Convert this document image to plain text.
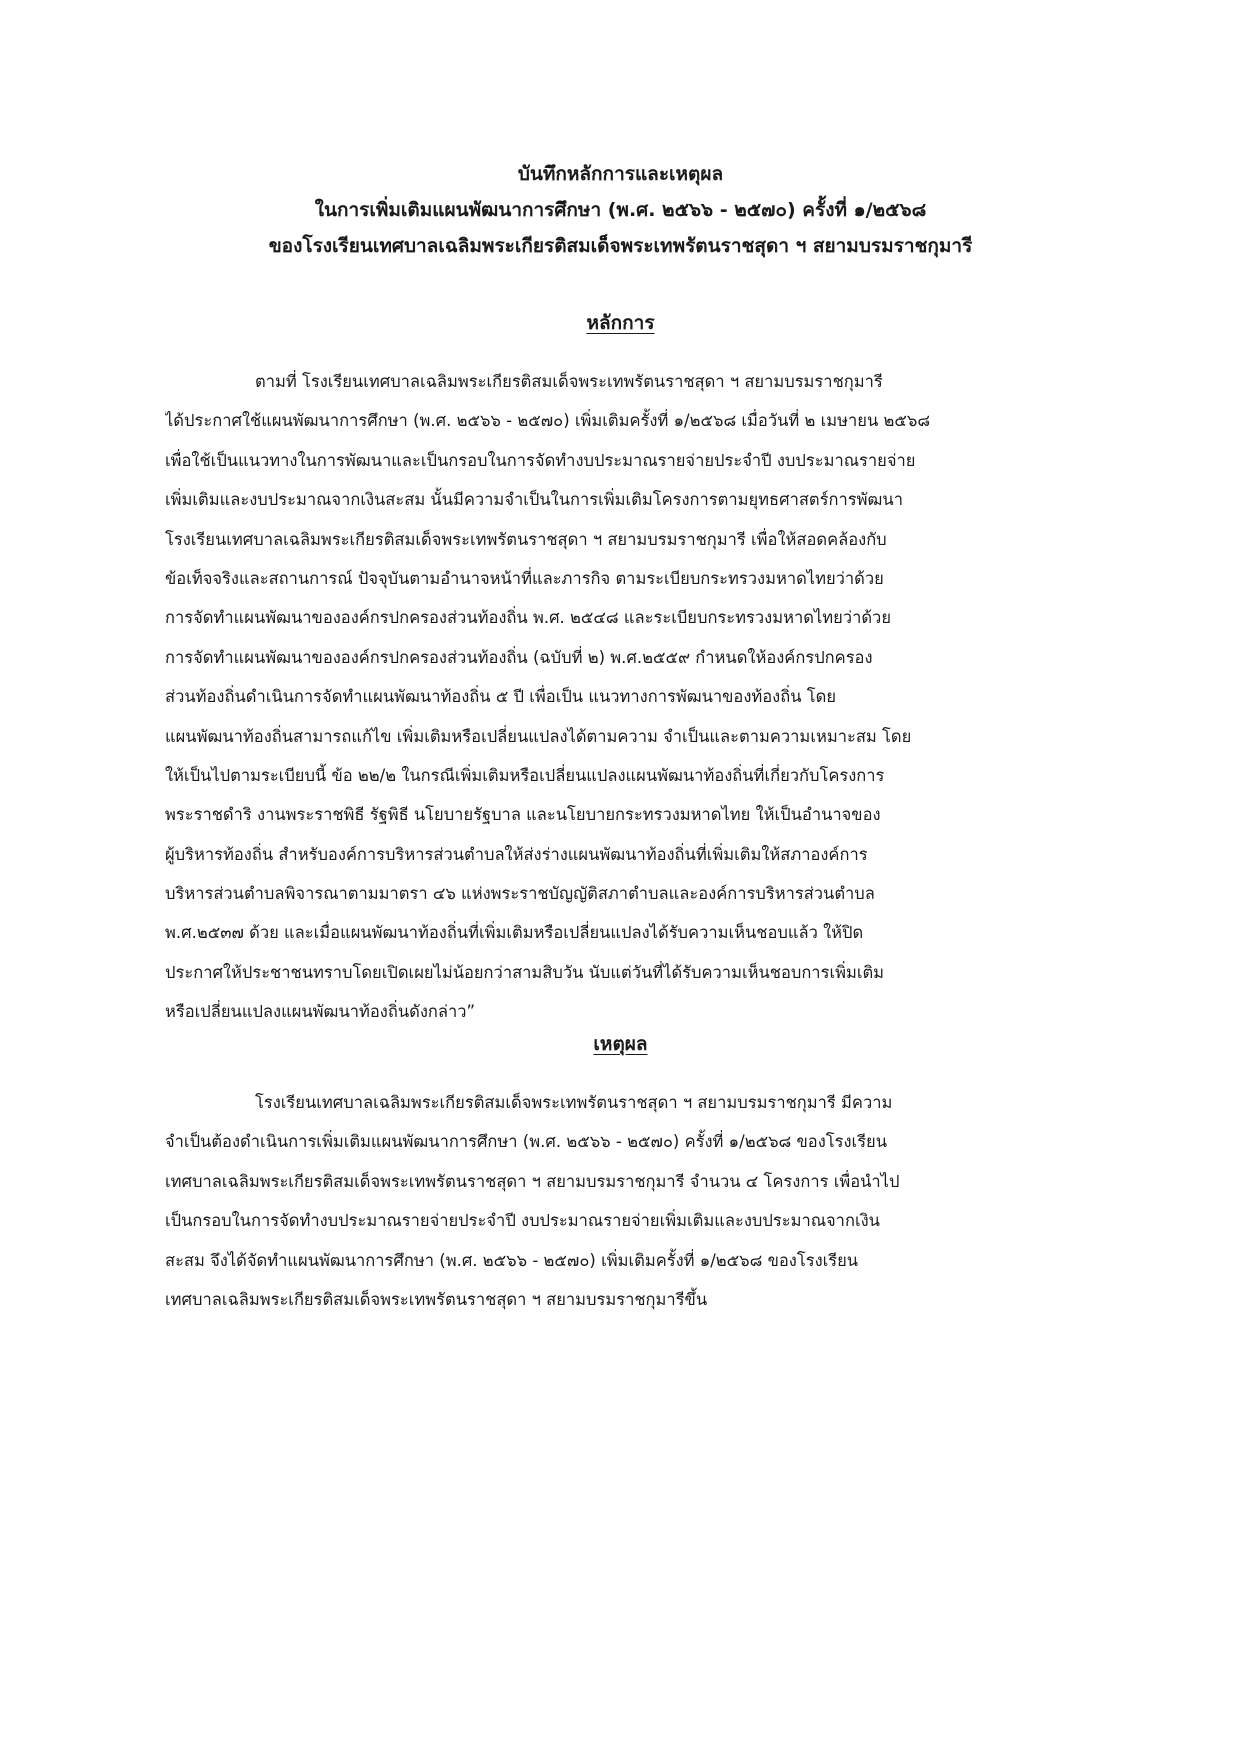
บันทึกหลักการและเหตุผล
ในการเพิ่มเติมแผนพัฒนาการศึกษา (พ.ศ. ๒๕๖๖ - ๒๕๗๐) ครั้งที่ ๑/๒๕๖๘
ของโรงเรียนเทศบาลเฉลิมพระเกียรติสมเด็จพระเทพรัตนราชสุดา ฯ สยามบรมราชกุมารี
หลักการ
ตามที่ โรงเรียนเทศบาลเฉลิมพระเกียรติสมเด็จพระเทพรัตนราชสุดา ฯ สยามบรมราชกุมารี
ได้ประกาศใช้แผนพัฒนาการศึกษา (พ.ศ. ๒๕๖๖ - ๒๕๗๐) เพิ่มเติมครั้งที่ ๑/๒๕๖๘ เมื่อวันที่ ๒ เมษายน ๒๕๖๘
เพื่อใช้เป็นแนวทางในการพัฒนาและเป็นกรอบในการจัดทำงบประมาณรายจ่ายประจำปี งบประมาณรายจ่าย
เพิ่มเติมและงบประมาณจากเงินสะสม นั้นมีความจำเป็นในการเพิ่มเติมโครงการตามยุทธศาสตร์การพัฒนา
โรงเรียนเทศบาลเฉลิมพระเกียรติสมเด็จพระเทพรัตนราชสุดา ฯ สยามบรมราชกุมารี เพื่อให้สอดคล้องกับ
ข้อเท็จจริงและสถานการณ์ ปัจจุบันตามอำนาจหน้าที่และภารกิจ ตามระเบียบกระทรวงมหาดไทยว่าด้วย
การจัดทำแผนพัฒนาขององค์กรปกครองส่วนท้องถิ่น พ.ศ. ๒๕๔๘ และระเบียบกระทรวงมหาดไทยว่าด้วย
การจัดทำแผนพัฒนาขององค์กรปกครองส่วนท้องถิ่น (ฉบับที่ ๒) พ.ศ.๒๕๕๙ กำหนดให้องค์กรปกครอง
ส่วนท้องถิ่นดำเนินการจัดทำแผนพัฒนาท้องถิ่น ๕ ปี เพื่อเป็น แนวทางการพัฒนาของท้องถิ่น โดย
แผนพัฒนาท้องถิ่นสามารถแก้ไข เพิ่มเติมหรือเปลี่ยนแปลงได้ตามความ จำเป็นและตามความเหมาะสม โดย
ให้เป็นไปตามระเบียบนี้ ข้อ ๒๒/๒ ในกรณีเพิ่มเติมหรือเปลี่ยนแปลงแผนพัฒนาท้องถิ่นที่เกี่ยวกับโครงการ
พระราชดำริ งานพระราชพิธี รัฐพิธี นโยบายรัฐบาล และนโยบายกระทรวงมหาดไทย ให้เป็นอำนาจของ
ผู้บริหารท้องถิ่น สำหรับองค์การบริหารส่วนตำบลให้ส่งร่างแผนพัฒนาท้องถิ่นที่เพิ่มเติมให้สภาองค์การ
บริหารส่วนตำบลพิจารณาตามมาตรา ๔๖ แห่งพระราชบัญญัติสภาตำบลและองค์การบริหารส่วนตำบล
พ.ศ.๒๕๓๗ ด้วย และเมื่อแผนพัฒนาท้องถิ่นที่เพิ่มเติมหรือเปลี่ยนแปลงได้รับความเห็นชอบแล้ว ให้ปิด
ประกาศให้ประชาชนทราบโดยเปิดเผยไม่น้อยกว่าสามสิบวัน นับแต่วันที่ได้รับความเห็นชอบการเพิ่มเติม
หรือเปลี่ยนแปลงแผนพัฒนาท้องถิ่นดังกล่าว”
เหตุผล
โรงเรียนเทศบาลเฉลิมพระเกียรติสมเด็จพระเทพรัตนราชสุดา ฯ สยามบรมราชกุมารี มีความ
จำเป็นต้องดำเนินการเพิ่มเติมแผนพัฒนาการศึกษา (พ.ศ. ๒๕๖๖ - ๒๕๗๐) ครั้งที่ ๑/๒๕๖๘ ของโรงเรียน
เทศบาลเฉลิมพระเกียรติสมเด็จพระเทพรัตนราชสุดา ฯ สยามบรมราชกุมารี จำนวน ๔ โครงการ เพื่อนำไป
เป็นกรอบในการจัดทำงบประมาณรายจ่ายประจำปี งบประมาณรายจ่ายเพิ่มเติมและงบประมาณจากเงิน
สะสม จึงได้จัดทำแผนพัฒนาการศึกษา (พ.ศ. ๒๕๖๖ - ๒๕๗๐) เพิ่มเติมครั้งที่ ๑/๒๕๖๘ ของโรงเรียน
เทศบาลเฉลิมพระเกียรติสมเด็จพระเทพรัตนราชสุดา ฯ สยามบรมราชกุมารีขึ้น
